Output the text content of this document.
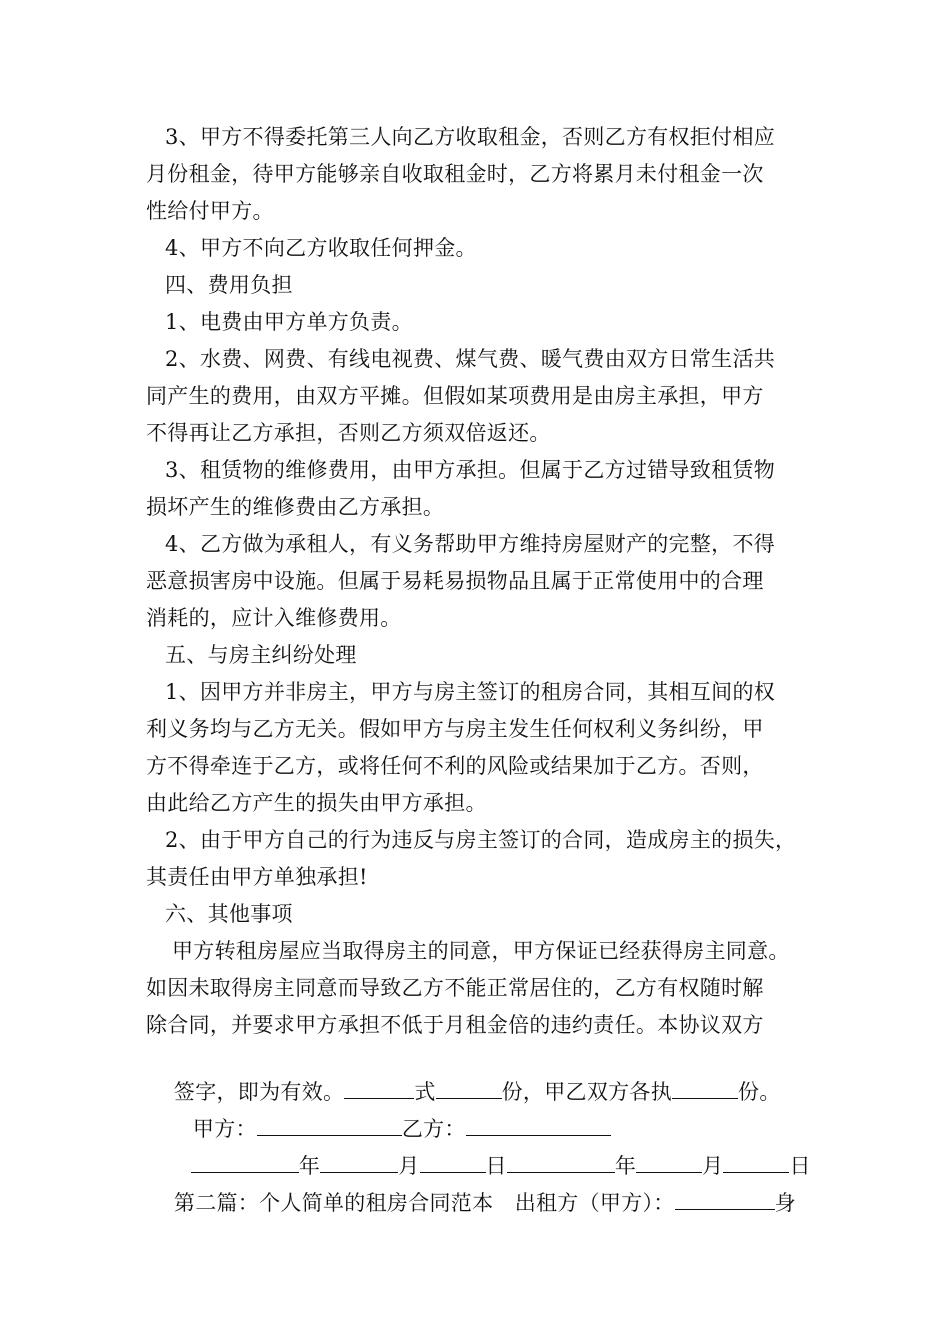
3、甲方不得委托第三人向乙方收取租金，否则乙方有权拒付相应
月份租金，待甲方能够亲自收取租金时，乙方将累月未付租金一次
性给付甲方。
4、甲方不向乙方收取任何押金。
四、费用负担
1、电费由甲方单方负责。
2、水费、网费、有线电视费、煤气费、暖气费由双方日常生活共
同产生的费用，由双方平摊。但假如某项费用是由房主承担，甲方
不得再让乙方承担，否则乙方须双倍返还。
3、租赁物的维修费用，由甲方承担。但属于乙方过错导致租赁物
损坏产生的维修费由乙方承担。
4、乙方做为承租人，有义务帮助甲方维持房屋财产的完整，不得
恶意损害房中设施。但属于易耗易损物品且属于正常使用中的合理
消耗的，应计入维修费用。
五、与房主纠纷处理
1、因甲方并非房主，甲方与房主签订的租房合同，其相互间的权
利义务均与乙方无关。假如甲方与房主发生任何权利义务纠纷，甲
方不得牵连于乙方，或将任何不利的风险或结果加于乙方。否则，
由此给乙方产生的损失由甲方承担。
2、由于甲方自己的行为违反与房主签订的合同，造成房主的损失，
其责任由甲方单独承担!
六、其他事项
甲方转租房屋应当取得房主的同意，甲方保证已经获得房主同意。
如因未取得房主同意而导致乙方不能正常居住的，乙方有权随时解
除合同，并要求甲方承担不低于月租金倍的违约责任。本协议双方

签字，即为有效。	式	份，甲乙双方各执	份。

甲方：	乙方：

年	月	日	年	月	日

第二篇：个人简单的租房合同范本　出租方（甲方）：	身
